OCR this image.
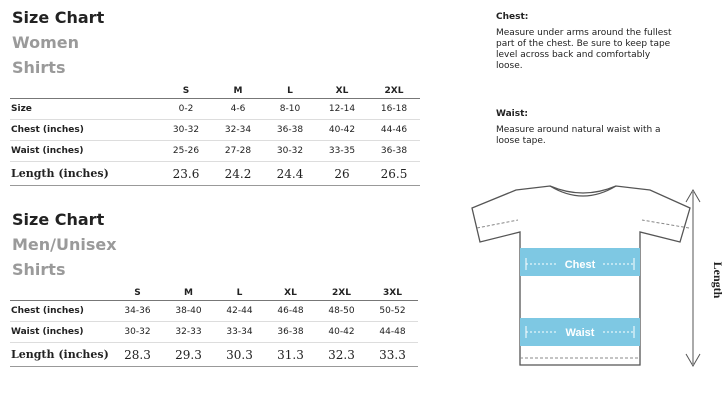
Size Chart
Women
Shirts
	S	M	L	XL	2XL
Size	0-2	4-6	8-10	12-14	16-18
Chest (inches)	30-32	32-34	36-38	40-42	44-46
Waist (inches)	25-26	27-28	30-32	33-35	36-38
Length (inches)	23.6	24.2	24.4	26	26.5
Size Chart
Men/Unisex
Shirts
	S	M	L	XL	2XL	3XL
Chest (inches)	34-36	38-40	42-44	46-48	48-50	50-52
Waist (inches)	30-32	32-33	33-34	36-38	40-42	44-48
Length (inches)	28.3	29.3	30.3	31.3	32.3	33.3
Chest:
Measure under arms around the fullest part of the chest. Be sure to keep tape level across back and comfortably loose.
Waist:
Measure around natural waist with a loose tape.
Chest
Waist
Length
